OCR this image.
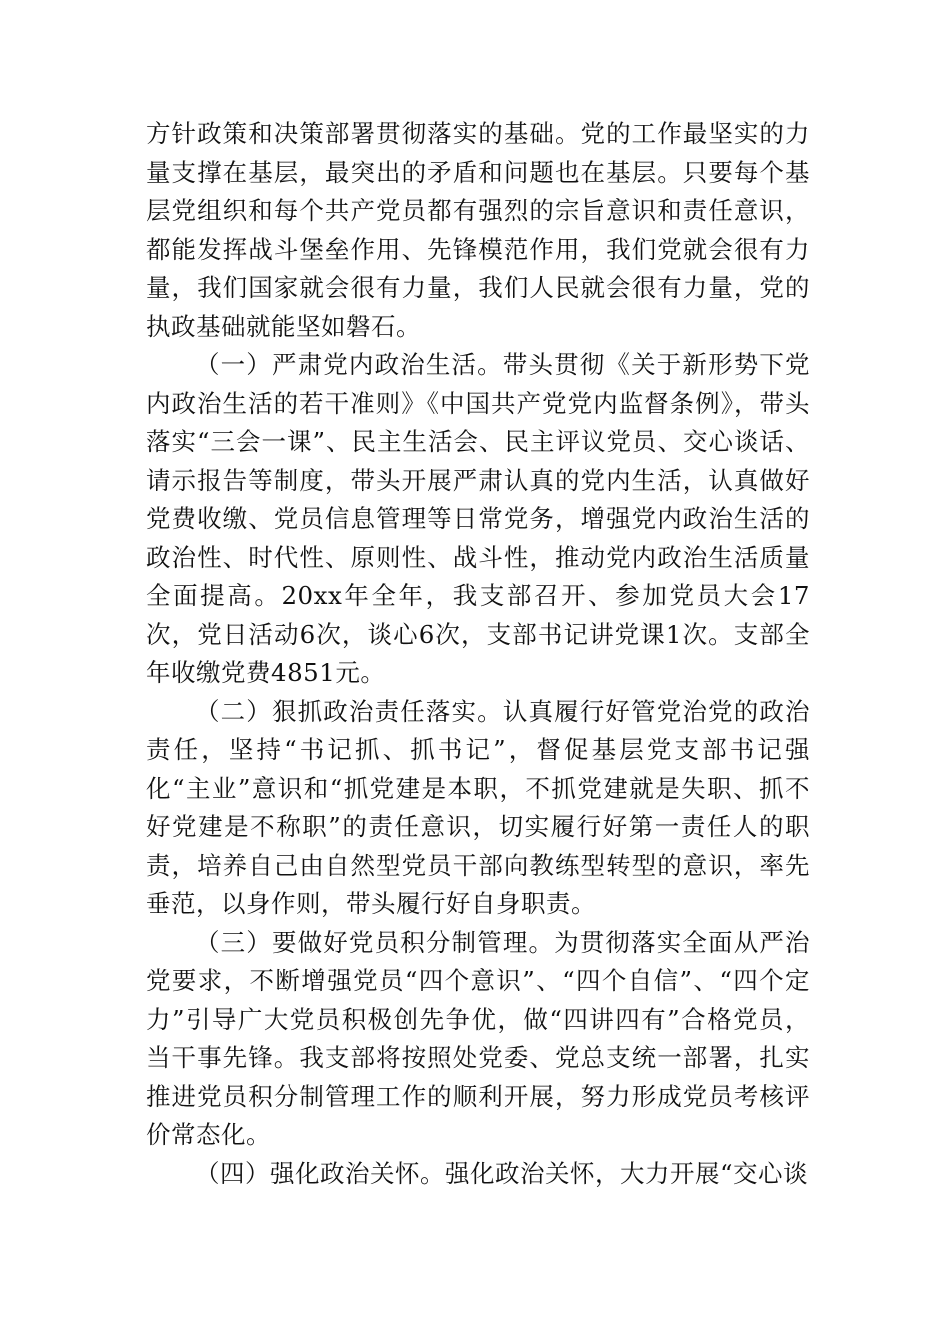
方针政策和决策部署贯彻落实的基础。党的工作最坚实的力量支撑在基层，最突出的矛盾和问题也在基层。只要每个基层党组织和每个共产党员都有强烈的宗旨意识和责任意识，都能发挥战斗堡垒作用、先锋模范作用，我们党就会很有力量，我们国家就会很有力量，我们人民就会很有力量，党的执政基础就能坚如磐石。

（一）严肃党内政治生活。带头贯彻《关于新形势下党内政治生活的若干准则》《中国共产党党内监督条例》，带头落实“三会一课”、民主生活会、民主评议党员、交心谈话、请示报告等制度，带头开展严肃认真的党内生活，认真做好党费收缴、党员信息管理等日常党务，增强党内政治生活的政治性、时代性、原则性、战斗性，推动党内政治生活质量全面提高。20xx年全年，我支部召开、参加党员大会17次，党日活动6次，谈心6次，支部书记讲党课1次。支部全年收缴党费4851元。

（二）狠抓政治责任落实。认真履行好管党治党的政治责任，坚持“书记抓、抓书记”，督促基层党支部书记强化“主业”意识和“抓党建是本职，不抓党建就是失职、抓不好党建是不称职”的责任意识，切实履行好第一责任人的职责，培养自己由自然型党员干部向教练型转型的意识，率先垂范，以身作则，带头履行好自身职责。

（三）要做好党员积分制管理。为贯彻落实全面从严治党要求，不断增强党员“四个意识”、“四个自信”、“四个定力”引导广大党员积极创先争优，做“四讲四有”合格党员，当干事先锋。我支部将按照处党委、党总支统一部署，扎实推进党员积分制管理工作的顺利开展，努力形成党员考核评价常态化。

（四）强化政治关怀。强化政治关怀，大力开展“交心谈
